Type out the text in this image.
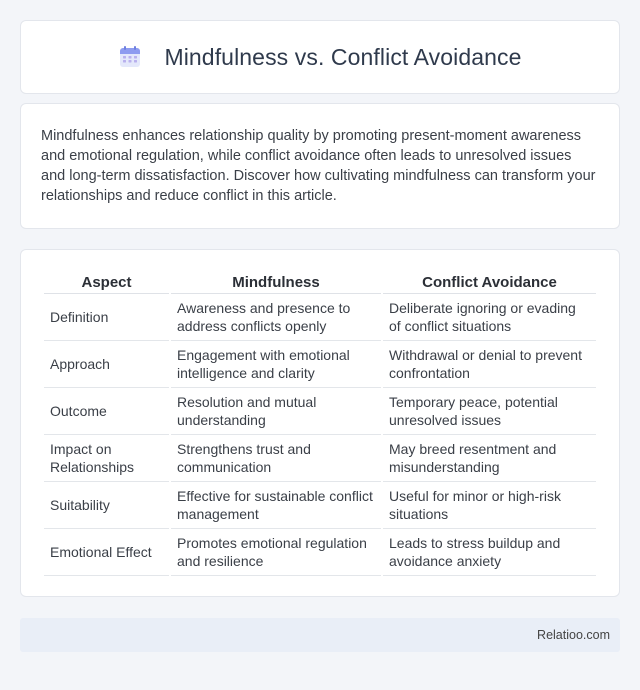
Mindfulness vs. Conflict Avoidance

Mindfulness enhances relationship quality by promoting present-moment awareness and emotional regulation, while conflict avoidance often leads to unresolved issues and long-term dissatisfaction. Discover how cultivating mindfulness can transform your relationships and reduce conflict in this article.

Aspect	Mindfulness	Conflict Avoidance
Definition	Awareness and presence to address conflicts openly	Deliberate ignoring or evading of conflict situations
Approach	Engagement with emotional intelligence and clarity	Withdrawal or denial to prevent confrontation
Outcome	Resolution and mutual understanding	Temporary peace, potential unresolved issues
Impact on Relationships	Strengthens trust and communication	May breed resentment and misunderstanding
Suitability	Effective for sustainable conflict management	Useful for minor or high-risk situations
Emotional Effect	Promotes emotional regulation and resilience	Leads to stress buildup and avoidance anxiety
Relatioo.com
